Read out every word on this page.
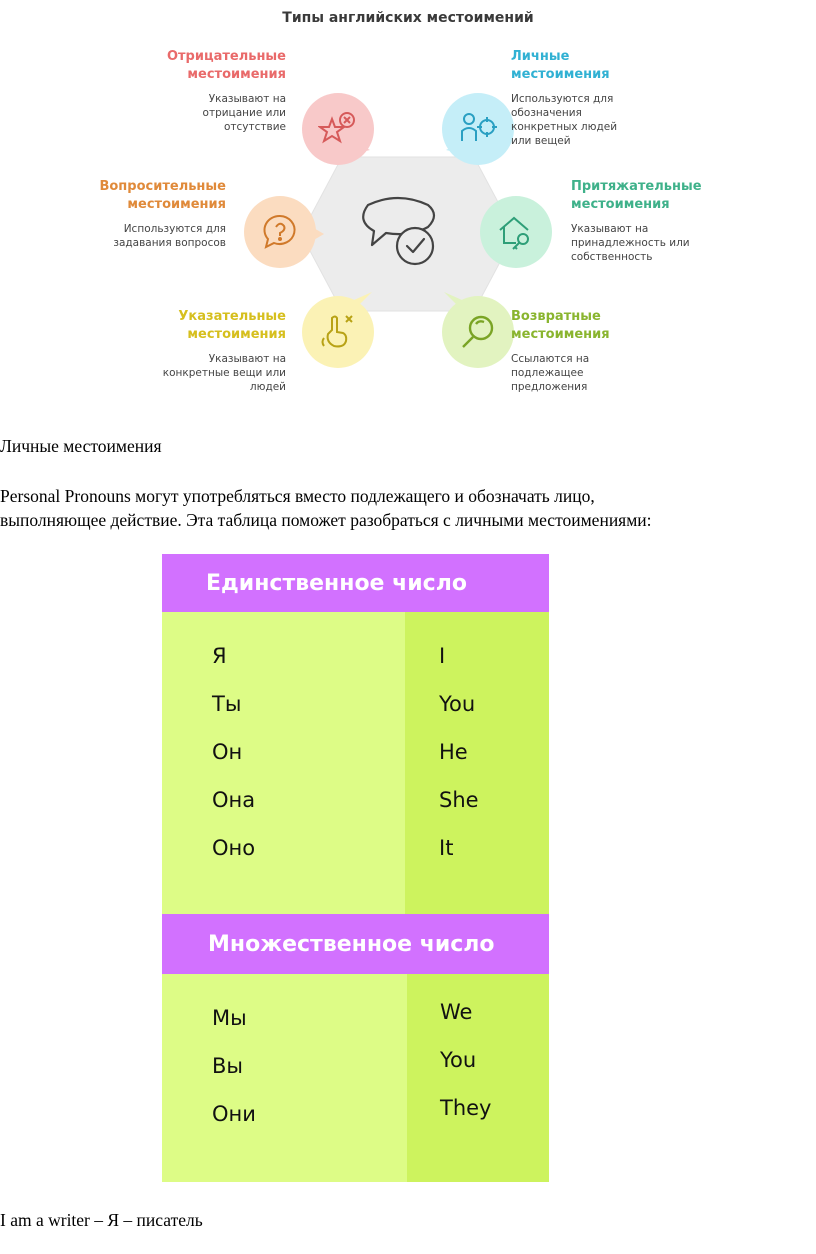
Типы английских местоимений
Отрицательные
местоимения
Указывают на
отрицание или
отсутствие
Личные
местоимения
Используются для
обозначения
конкретных людей
или вещей
Вопросительные
местоимения
Используются для
задавания вопросов
Притяжательные
местоимения
Указывают на
принадлежность или
собственность
Указательные
местоимения
Указывают на
конкретные вещи или
людей
Возвратные
местоимения
Ссылаются на
подлежащее
предложения
Личные местоимения
Personal Pronouns могут употребляться вместо подлежащего и обозначать лицо,
выполняющее действие. Эта таблица поможет разобраться с личными местоимениями:
Единственное число
Я	I
Ты	You
Он	He
Она	She
Оно	It
Множественное число
Мы	We
Вы	You
Они	They
I am a writer – Я – писатель
